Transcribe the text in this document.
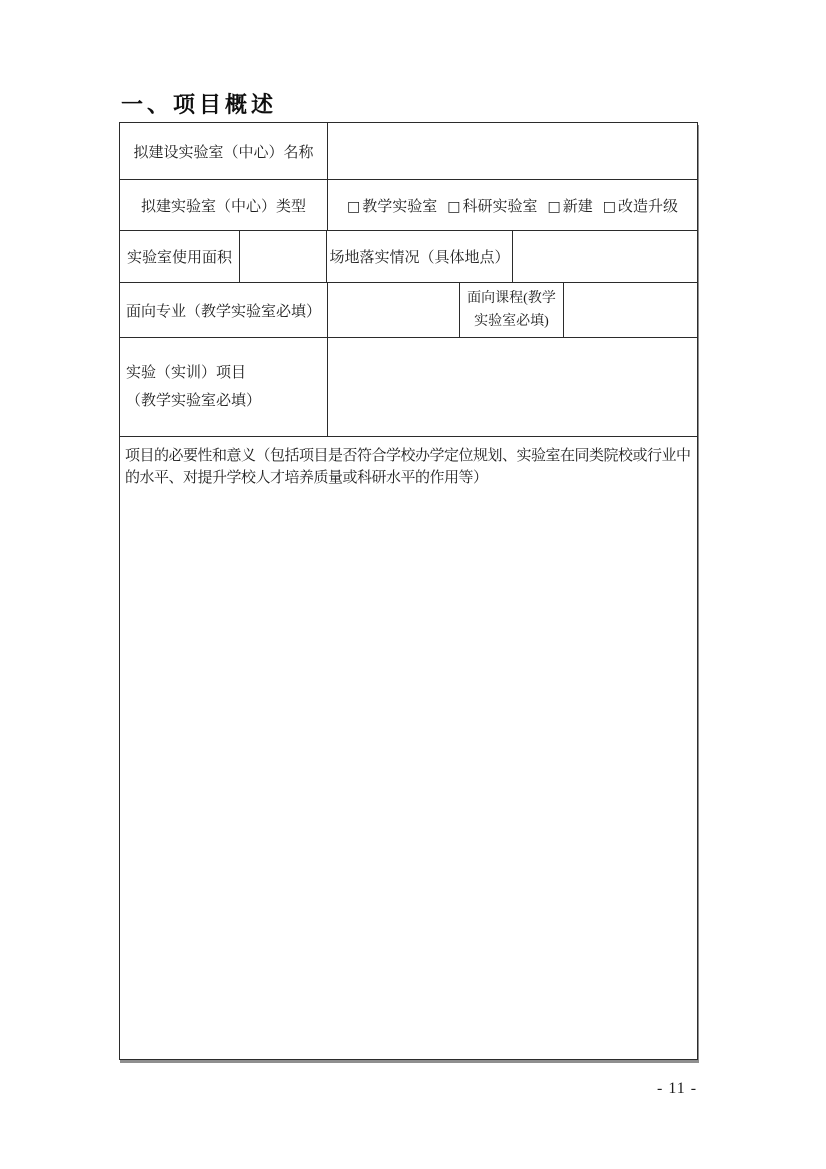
一、项目概述
拟建设实验室（中心）名称
拟建实验室（中心）类型	□ 教学实验室 □ 科研实验室 □ 新建 □ 改造升级
实验室使用面积	场地落实情况（具体地点）
面向专业（教学实验室必填）
面向课程(教学实验室必填)
实验（实训）项目
（教学实验室必填）
项目的必要性和意义（包括项目是否符合学校办学定位规划、实验室在同类院校或行业中的水平、对提升学校人才培养质量或科研水平的作用等）
- 11 -
